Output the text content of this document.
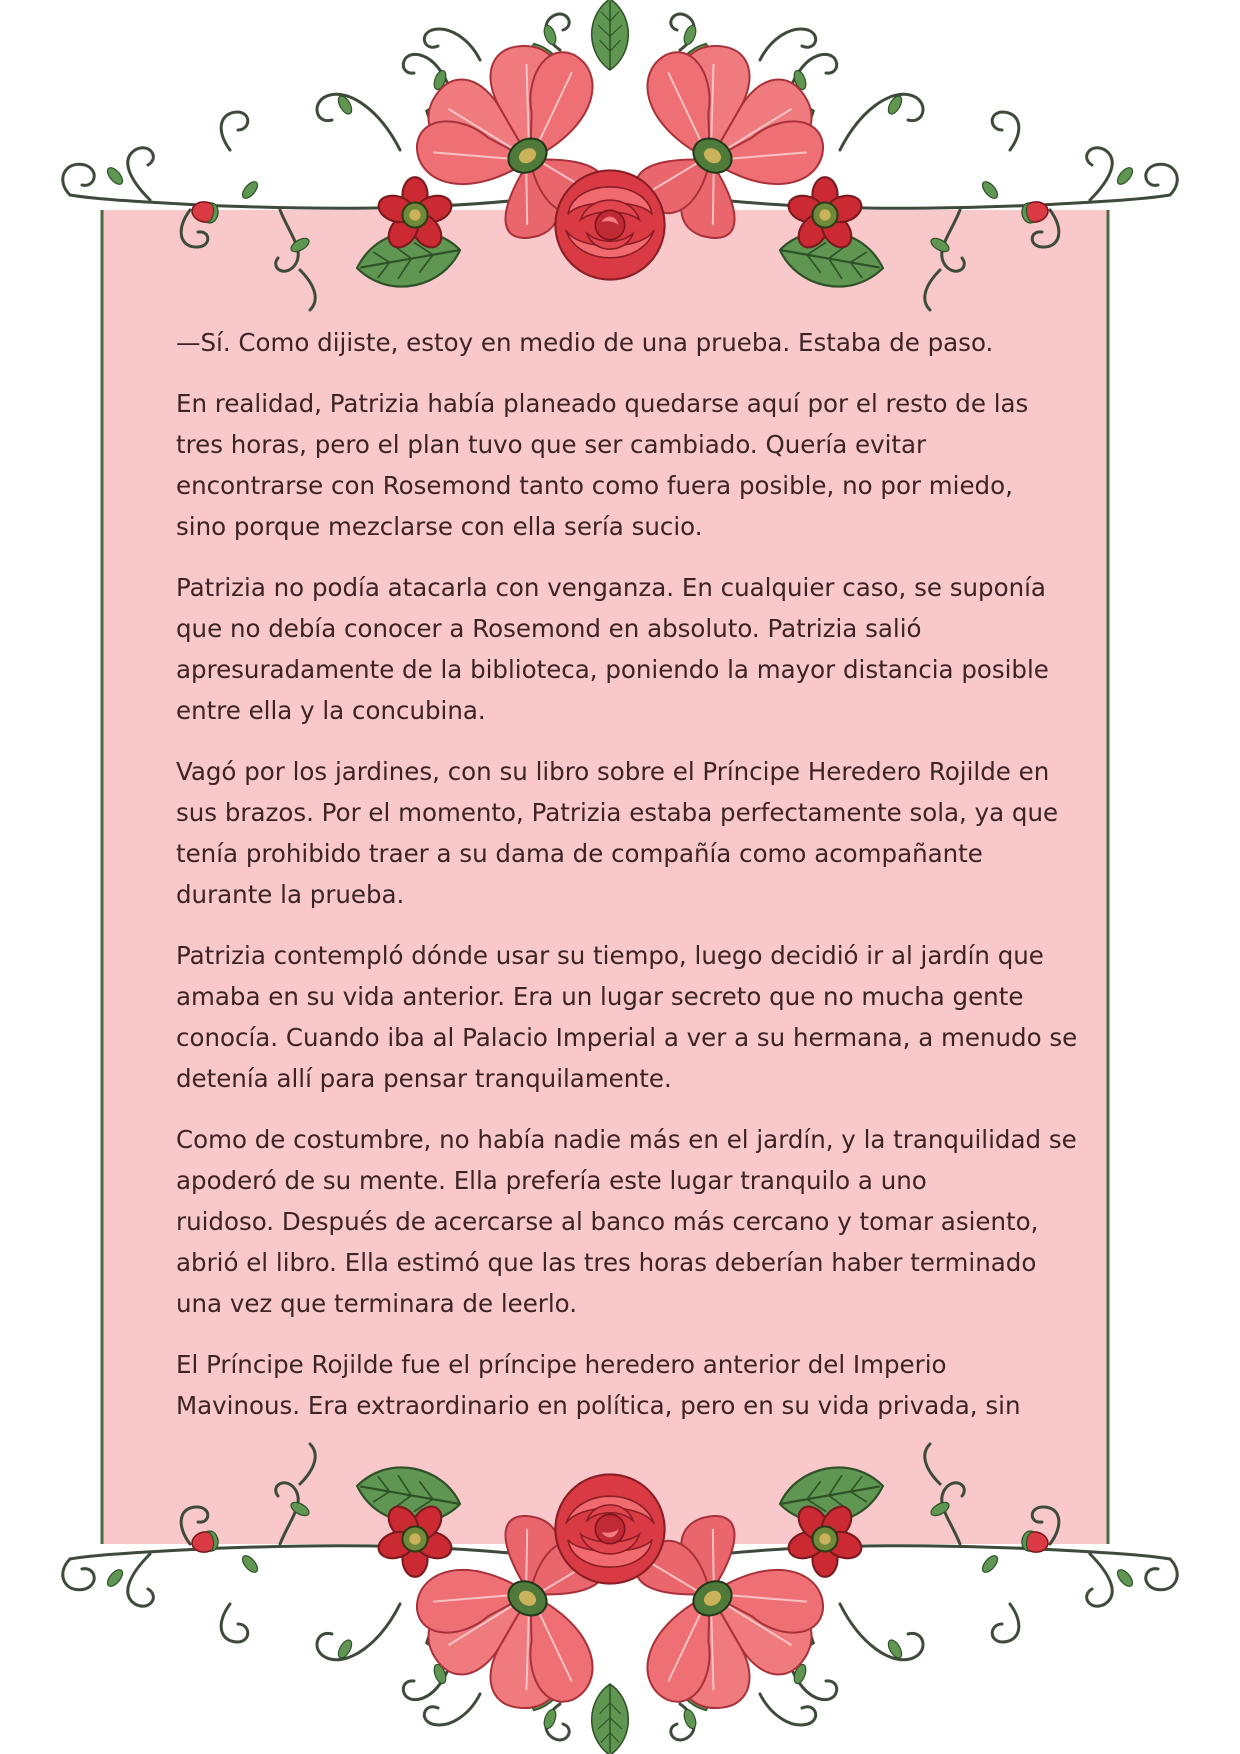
—Sí. Como dijiste, estoy en medio de una prueba. Estaba de paso.

En realidad, Patrizia había planeado quedarse aquí por el resto de las
tres horas, pero el plan tuvo que ser cambiado. Quería evitar
encontrarse con Rosemond tanto como fuera posible, no por miedo,
sino porque mezclarse con ella sería sucio.

Patrizia no podía atacarla con venganza. En cualquier caso, se suponía
que no debía conocer a Rosemond en absoluto. Patrizia salió
apresuradamente de la biblioteca, poniendo la mayor distancia posible
entre ella y la concubina.

Vagó por los jardines, con su libro sobre el Príncipe Heredero Rojilde en
sus brazos. Por el momento, Patrizia estaba perfectamente sola, ya que
tenía prohibido traer a su dama de compañía como acompañante
durante la prueba.

Patrizia contempló dónde usar su tiempo, luego decidió ir al jardín que
amaba en su vida anterior. Era un lugar secreto que no mucha gente
conocía. Cuando iba al Palacio Imperial a ver a su hermana, a menudo se
detenía allí para pensar tranquilamente.

Como de costumbre, no había nadie más en el jardín, y la tranquilidad se
apoderó de su mente. Ella prefería este lugar tranquilo a uno
ruidoso. Después de acercarse al banco más cercano y tomar asiento,
abrió el libro. Ella estimó que las tres horas deberían haber terminado
una vez que terminara de leerlo.

El Príncipe Rojilde fue el príncipe heredero anterior del Imperio
Mavinous. Era extraordinario en política, pero en su vida privada, sin
